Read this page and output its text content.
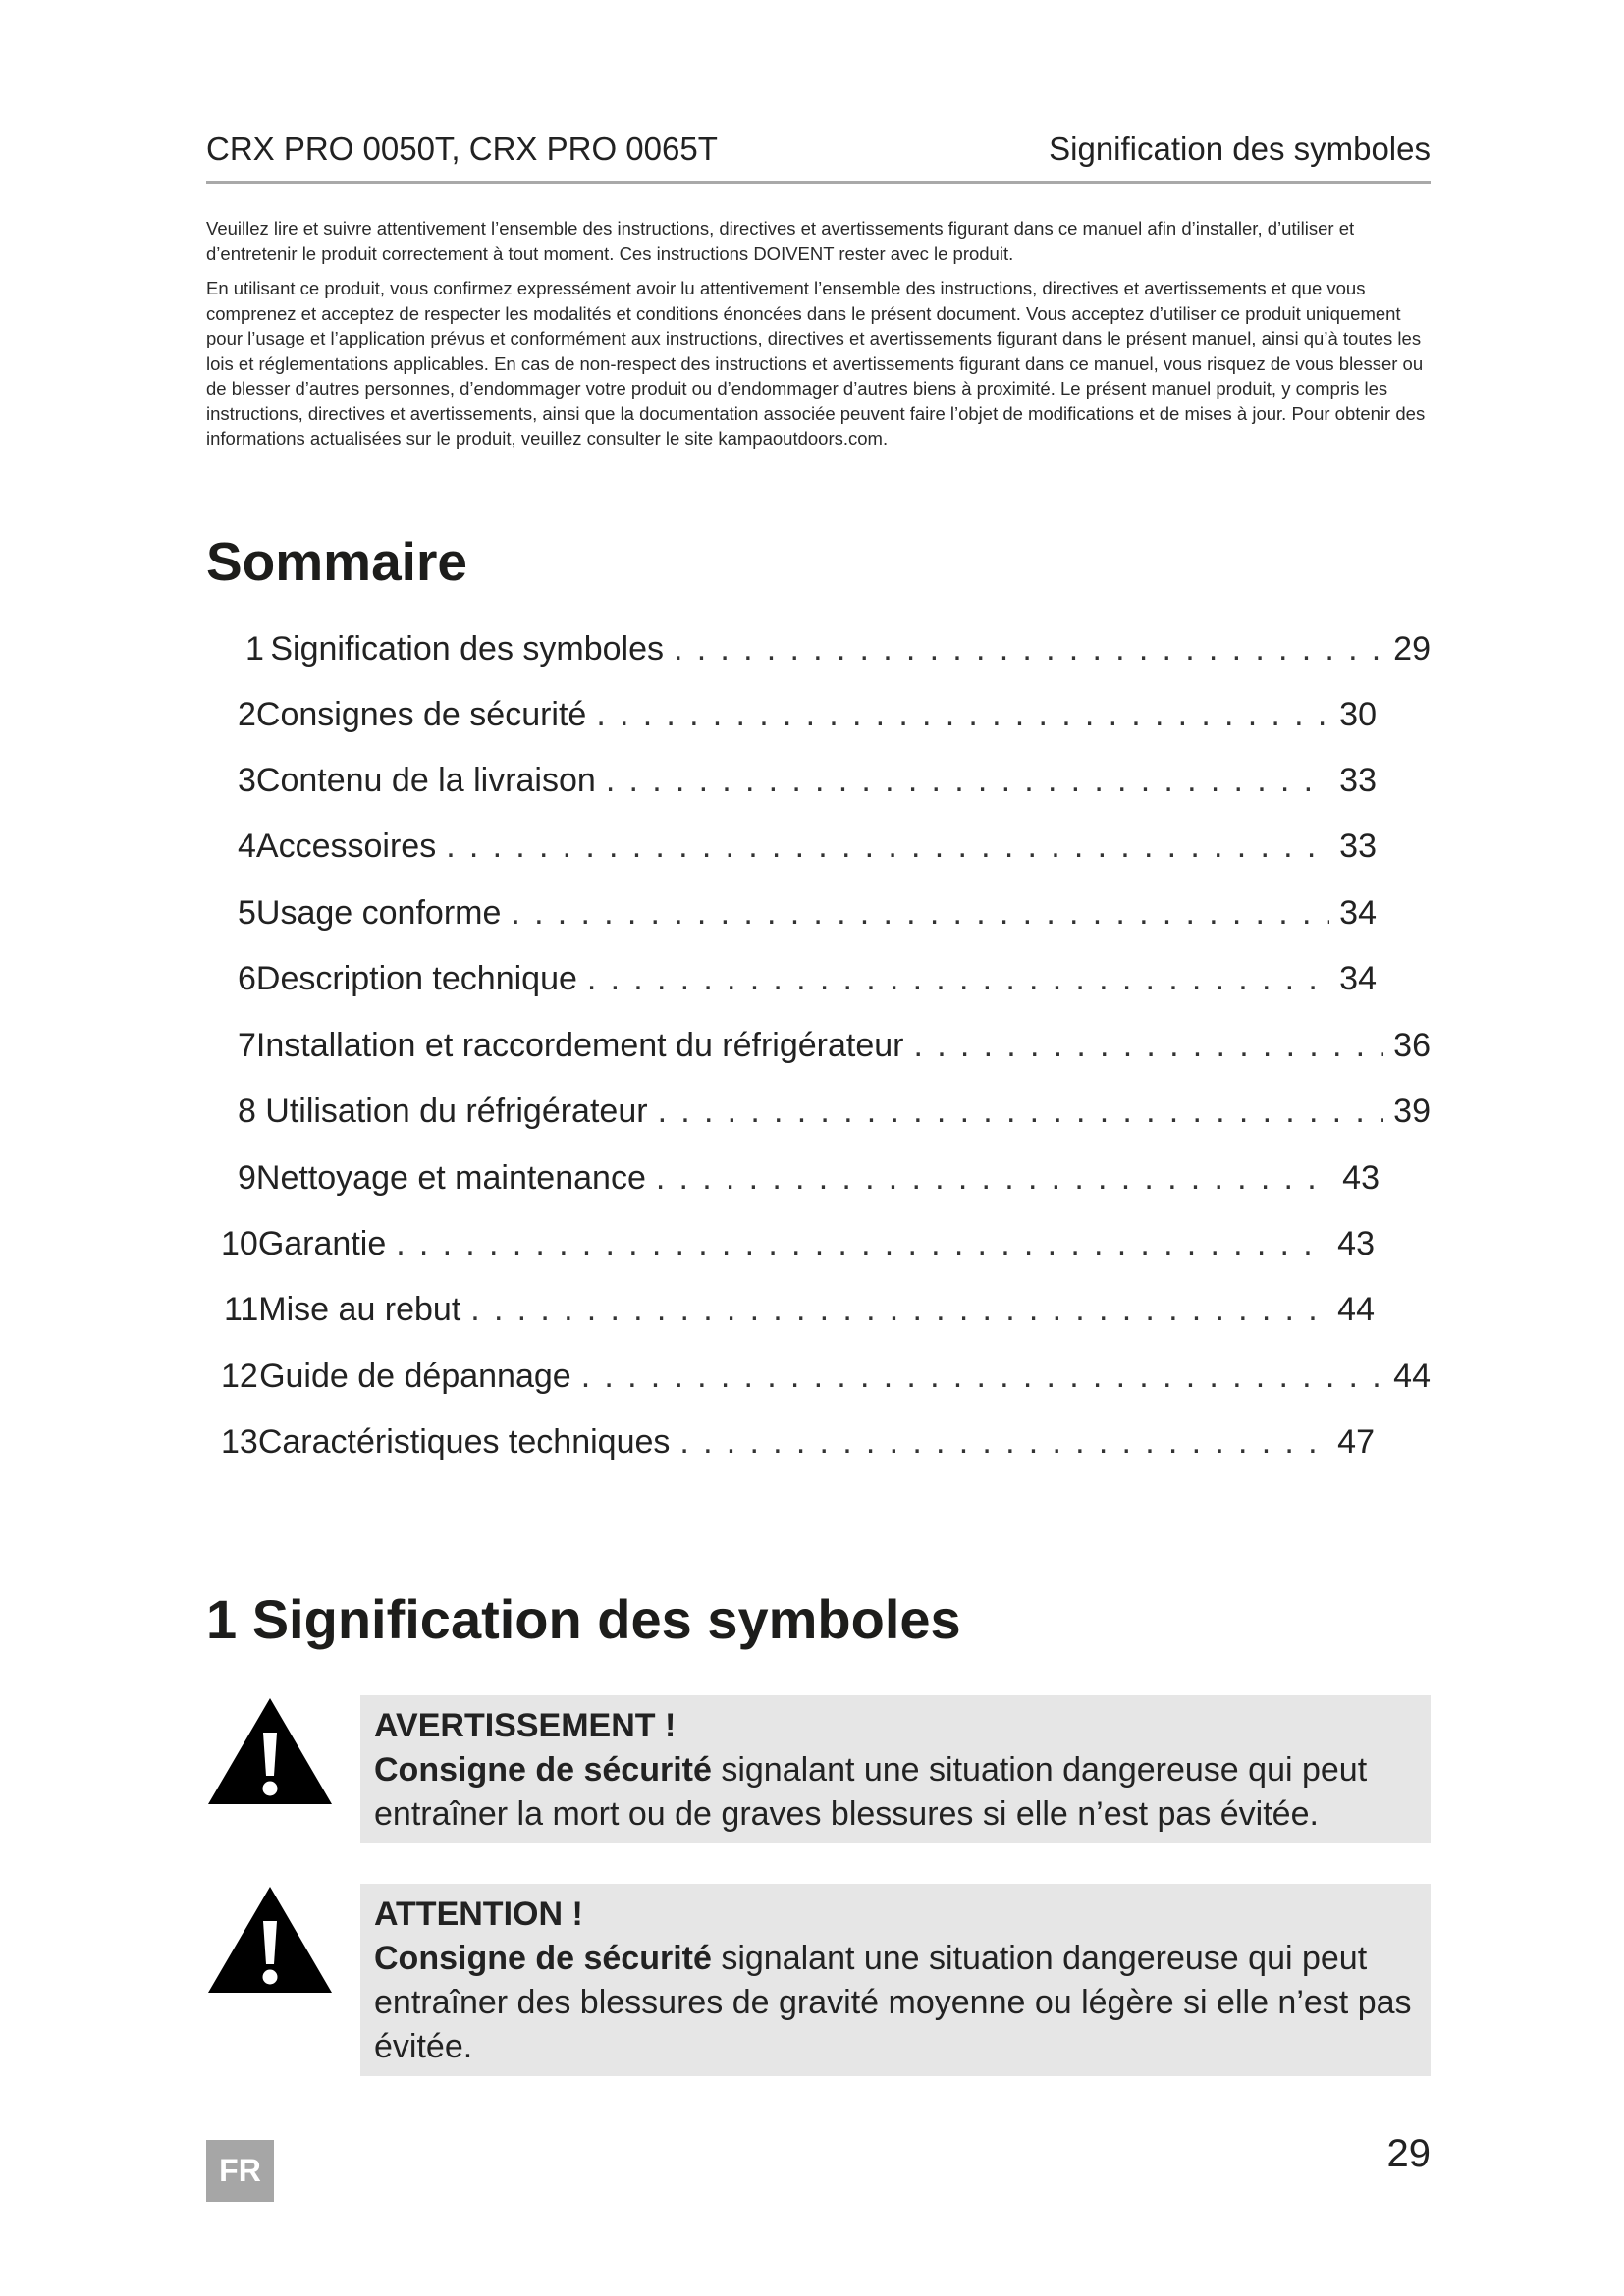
CRX PRO 0050T, CRX PRO 0065T	Signification des symboles

Veuillez lire et suivre attentivement l’ensemble des instructions, directives et avertissements figurant dans ce manuel afin d’installer, d’utiliser et d’entretenir le produit correctement à tout moment. Ces instructions DOIVENT rester avec le produit.

En utilisant ce produit, vous confirmez expressément avoir lu attentivement l’ensemble des instructions, directives et avertissements et que vous comprenez et acceptez de respecter les modalités et conditions énoncées dans le présent document. Vous acceptez d’utiliser ce produit uniquement pour l’usage et l’application prévus et conformément aux instructions, directives et avertissements figurant dans le présent manuel, ainsi qu’à toutes les lois et réglementations applicables. En cas de non-respect des instructions et avertissements figurant dans ce manuel, vous risquez de vous blesser ou de blesser d’autres personnes, d’endommager votre produit ou d’endommager d’autres biens à proximité. Le présent manuel produit, y compris les instructions, directives et avertissements, ainsi que la documentation associée peuvent faire l’objet de modifications et de mises à jour. Pour obtenir des informations actualisées sur le produit, veuillez consulter le site kampaoutdoors.com.

Sommaire
1 Signification des symboles . . .	29
2 Consignes de sécurité . . .	30
3 Contenu de la livraison . . .	33
4 Accessoires . . .	33
5 Usage conforme . . .	34
6 Description technique . . .	34
7 Installation et raccordement du réfrigérateur . . .	36
8 Utilisation du réfrigérateur . . .	39
9 Nettoyage et maintenance . . .	43
10 Garantie . . .	43
11 Mise au rebut . . .	44
12 Guide de dépannage . . .	44
13 Caractéristiques techniques . . .	47
1 Signification des symboles
AVERTISSEMENT !
Consigne de sécurité signalant une situation dangereuse qui peut entraîner la mort ou de graves blessures si elle n’est pas évitée.
ATTENTION !
Consigne de sécurité signalant une situation dangereuse qui peut entraîner des blessures de gravité moyenne ou légère si elle n’est pas évitée.
FR	29
